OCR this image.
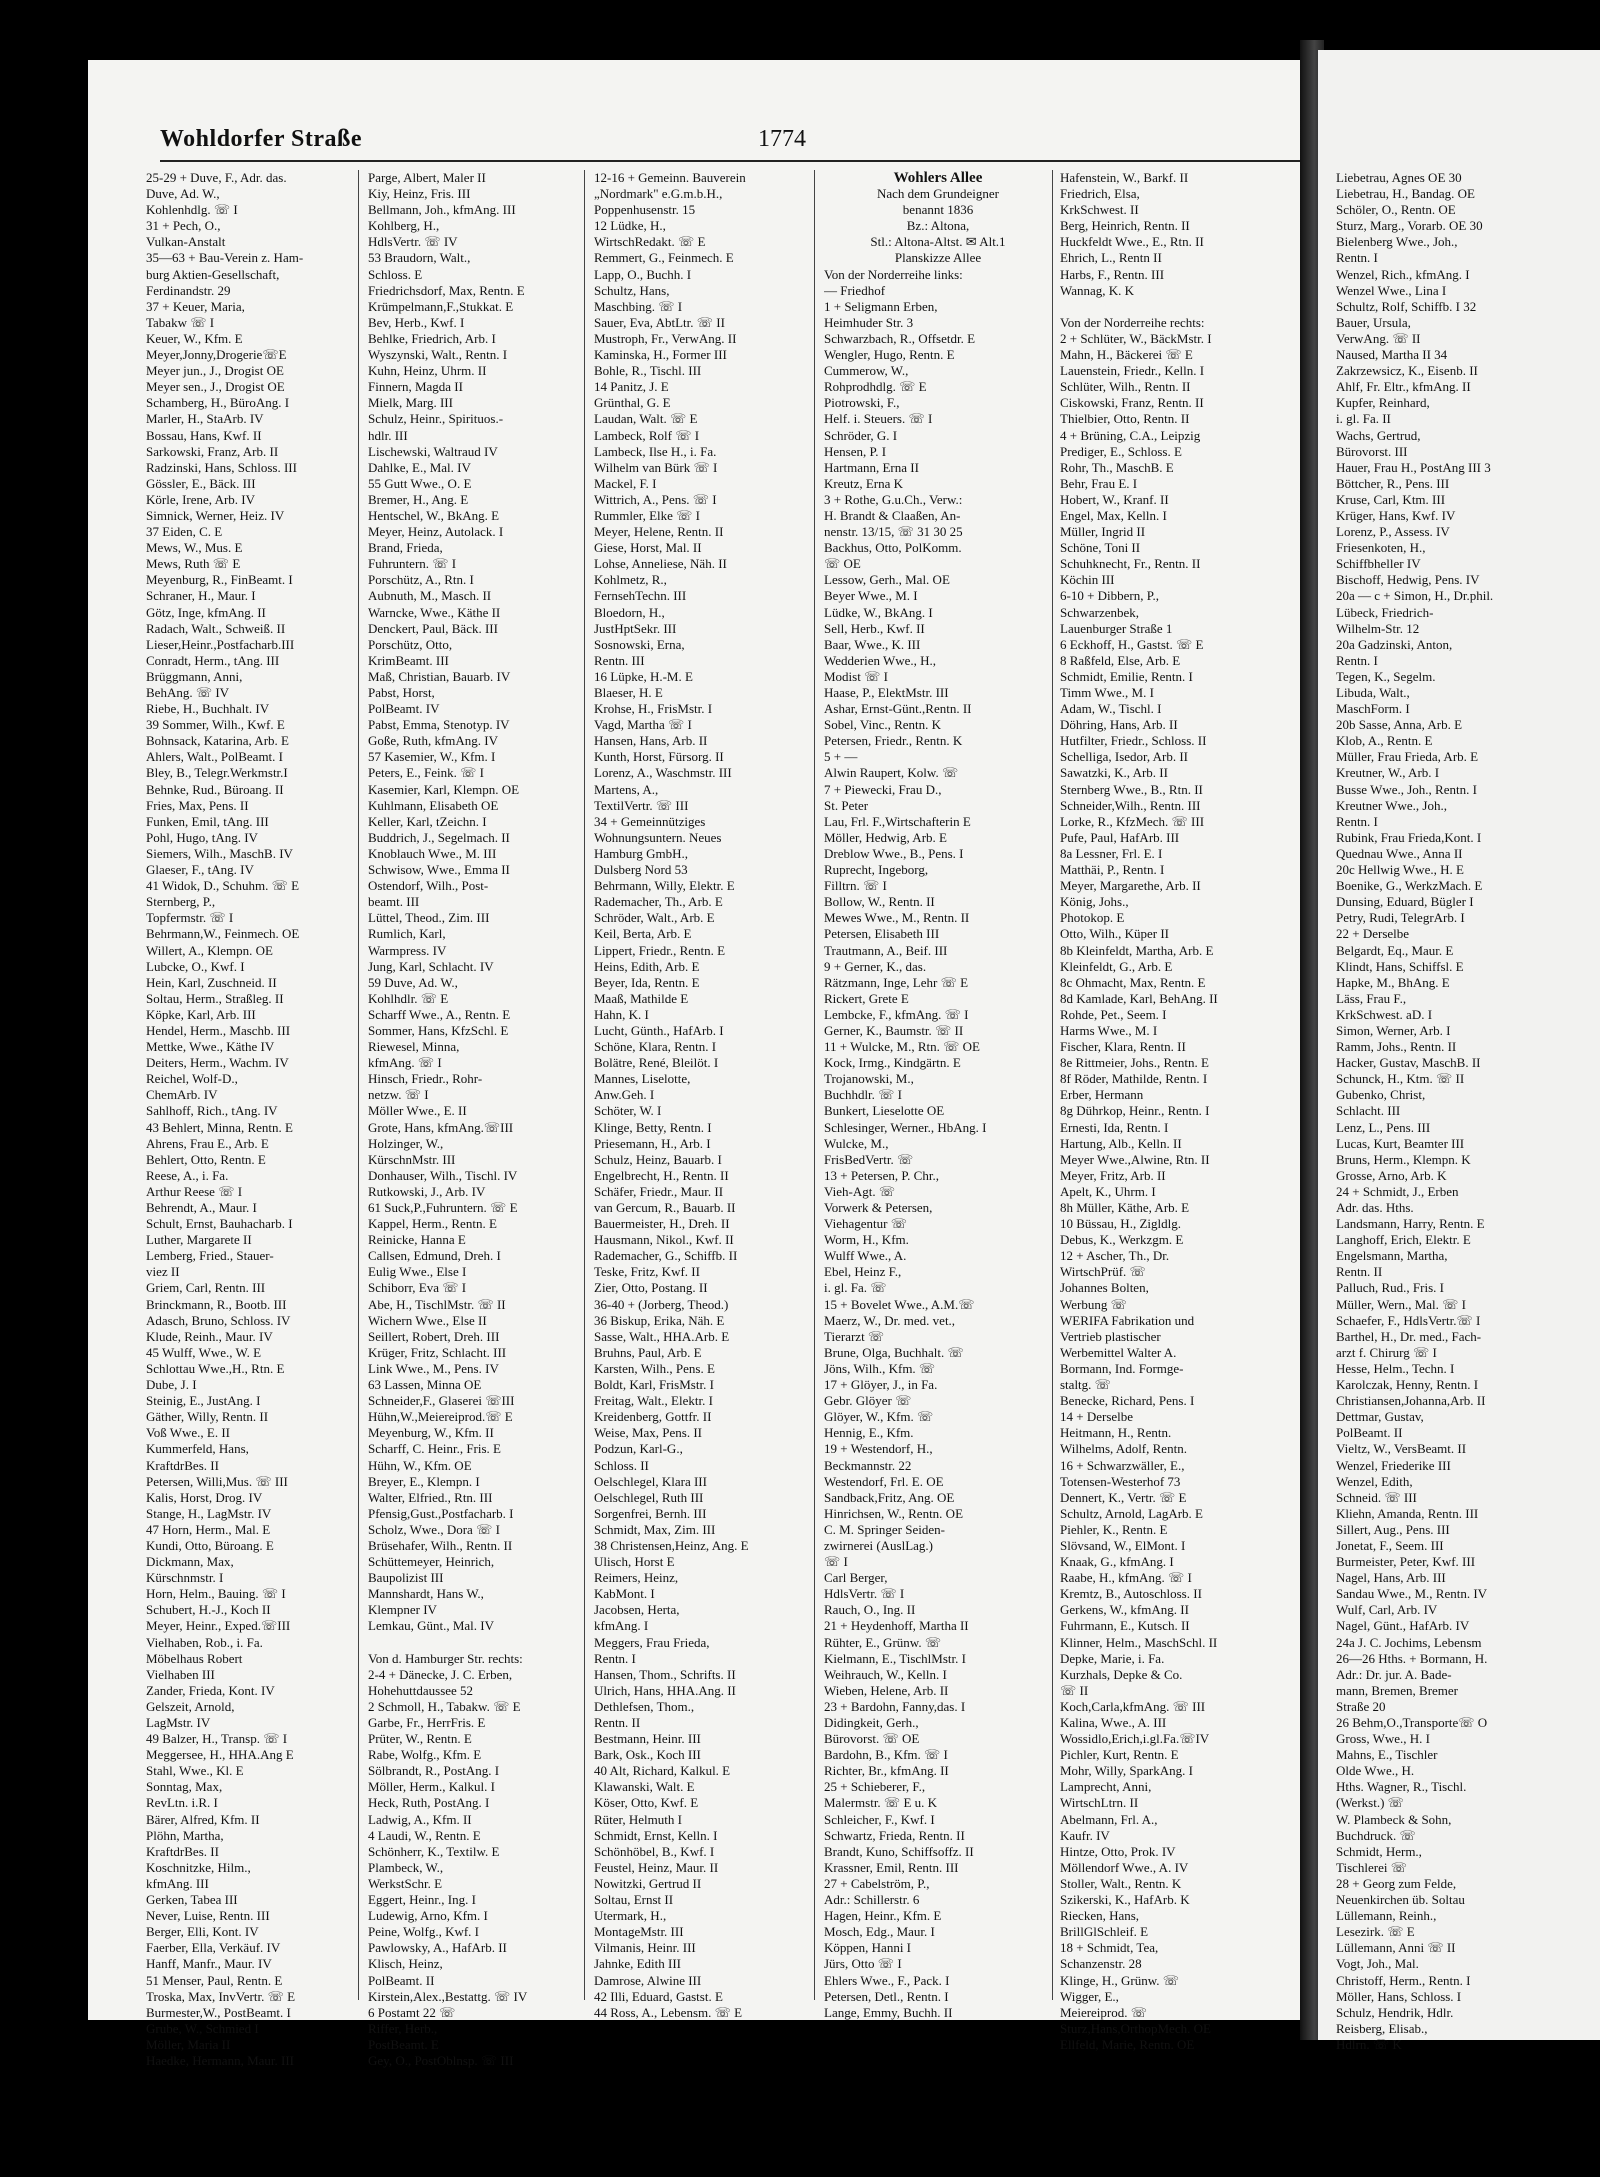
Wohldorfer Straße	1774

25-29 + Duve, F., Adr. das.

Duve, Ad. W.,

Kohlenhdlg. ☏ I

31 + Pech, O.,

Vulkan-Anstalt

35—63 + Bau-Verein z. Ham-

burg Aktien-Gesellschaft,

Ferdinandstr. 29

37 + Keuer, Maria,

Tabakw ☏ I

Keuer, W., Kfm. E

Meyer,Jonny,Drogerie☏E

Meyer jun., J., Drogist OE

Meyer sen., J., Drogist OE

Schamberg, H., BüroAng. I

Marler, H., StaArb. IV

Bossau, Hans, Kwf. II

Sarkowski, Franz, Arb. II

Radzinski, Hans, Schloss. III

Gössler, E., Bäck. III

Körle, Irene, Arb. IV

Simnick, Werner, Heiz. IV

37 Eiden, C. E

Mews, W., Mus. E

Mews, Ruth ☏ E

Meyenburg, R., FinBeamt. I

Schraner, H., Maur. I

Götz, Inge, kfmAng. II

Radach, Walt., Schweiß. II

Lieser,Heinr.,Postfacharb.III

Conradt, Herm., tAng. III

Brüggmann, Anni,

BehAng. ☏ IV

Riebe, H., Buchhalt. IV

39 Sommer, Wilh., Kwf. E

Bohnsack, Katarina, Arb. E

Ahlers, Walt., PolBeamt. I

Bley, B., Telegr.Werkmstr.I

Behnke, Rud., Büroang. II

Fries, Max, Pens. II

Funken, Emil, tAng. III

Pohl, Hugo, tAng. IV

Siemers, Wilh., MaschB. IV

Glaeser, F., tAng. IV

41 Widok, D., Schuhm. ☏ E

Sternberg, P.,

Topfermstr. ☏ I

Behrmann,W., Feinmech. OE

Willert, A., Klempn. OE

Lubcke, O., Kwf. I

Hein, Karl, Zuschneid. II

Soltau, Herm., Straßleg. II

Köpke, Karl, Arb. III

Hendel, Herm., Maschb. III

Mettke, Wwe., Käthe IV

Deiters, Herm., Wachm. IV

Reichel, Wolf-D.,

ChemArb. IV

Sahlhoff, Rich., tAng. IV

43 Behlert, Minna, Rentn. E

Ahrens, Frau E., Arb. E

Behlert, Otto, Rentn. E

Reese, A., i. Fa.

Arthur Reese ☏ I

Behrendt, A., Maur. I

Schult, Ernst, Bauhacharb. I

Luther, Margarete II

Lemberg, Fried., Stauer-

viez II

Griem, Carl, Rentn. III

Brinckmann, R., Bootb. III

Adasch, Bruno, Schloss. IV

Klude, Reinh., Maur. IV

45 Wulff, Wwe., W. E

Schlottau Wwe.,H., Rtn. E

Dube, J. I

Steinig, E., JustAng. I

Gäther, Willy, Rentn. II

Voß Wwe., E. II

Kummerfeld, Hans,

KraftdrBes. II

Petersen, Willi,Mus. ☏ III

Kalis, Horst, Drog. IV

Stange, H., LagMstr. IV

47 Horn, Herm., Mal. E

Kundi, Otto, Büroang. E

Dickmann, Max,

Kürschnmstr. I

Horn, Helm., Bauing. ☏ I

Schubert, H.-J., Koch II

Meyer, Heinr., Exped.☏III

Vielhaben, Rob., i. Fa.

Möbelhaus Robert

Vielhaben III

Zander, Frieda, Kont. IV

Gelszeit, Arnold,

LagMstr. IV

49 Balzer, H., Transp. ☏ I

Meggersee, H., HHA.Ang E

Stahl, Wwe., Kl. E

Sonntag, Max,

RevLtn. i.R. I

Bärer, Alfred, Kfm. II

Plöhn, Martha,

KraftdrBes. II

Koschnitzke, Hilm.,

kfmAng. III

Gerken, Tabea III

Never, Luise, Rentn. III

Berger, Elli, Kont. IV

Faerber, Ella, Verkäuf. IV

Hanff, Manfr., Maur. IV

51 Menser, Paul, Rentn. E

Troska, Max, InvVertr. ☏ E

Burmester,W., PostBeamt. I

Grube, W., Schmied I

Möller, Maria II

Haedke, Hermann, Maur. III

Parge, Albert, Maler II

Kiy, Heinz, Fris. III

Bellmann, Joh., kfmAng. III

Kohlberg, H.,

HdlsVertr. ☏ IV

53 Braudorn, Walt.,

Schloss. E

Friedrichsdorf, Max, Rentn. E

Krümpelmann,F.,Stukkat. E

Bev, Herb., Kwf. I

Behlke, Friedrich, Arb. I

Wyszynski, Walt., Rentn. I

Kuhn, Heinz, Uhrm. II

Finnern, Magda II

Mielk, Marg. III

Schulz, Heinr., Spirituos.-

hdlr. III

Lischewski, Waltraud IV

Dahlke, E., Mal. IV

55 Gutt Wwe., O. E

Bremer, H., Ang. E

Hentschel, W., BkAng. E

Meyer, Heinz, Autolack. I

Brand, Frieda,

Fuhruntern. ☏ I

Porschütz, A., Rtn. I

Aubnuth, M., Masch. II

Warncke, Wwe., Käthe II

Denckert, Paul, Bäck. III

Porschütz, Otto,

KrimBeamt. III

Maß, Christian, Bauarb. IV

Pabst, Horst,

PolBeamt. IV

Pabst, Emma, Stenotyp. IV

Goße, Ruth, kfmAng. IV

57 Kasemier, W., Kfm. I

Peters, E., Feink. ☏ I

Kasemier, Karl, Klempn. OE

Kuhlmann, Elisabeth OE

Keller, Karl, tZeichn. I

Buddrich, J., Segelmach. II

Knoblauch Wwe., M. III

Schwisow, Wwe., Emma II

Ostendorf, Wilh., Post-

beamt. III

Lüttel, Theod., Zim. III

Rumlich, Karl,

Warmpress. IV

Jung, Karl, Schlacht. IV

59 Duve, Ad. W.,

Kohlhdlr. ☏ E

Scharff Wwe., A., Rentn. E

Sommer, Hans, KfzSchl. E

Riewesel, Minna,

kfmAng. ☏ I

Hinsch, Friedr., Rohr-

netzw. ☏ I

Möller Wwe., E. II

Grote, Hans, kfmAng.☏III

Holzinger, W.,

KürschnMstr. III

Donhauser, Wilh., Tischl. IV

Rutkowski, J., Arb. IV

61 Suck,P.,Fuhruntern. ☏ E

Kappel, Herm., Rentn. E

Reinicke, Hanna E

Callsen, Edmund, Dreh. I

Eulig Wwe., Else I

Schiborr, Eva ☏ I

Abe, H., TischlMstr. ☏ II

Wichern Wwe., Else II

Seillert, Robert, Dreh. III

Krüger, Fritz, Schlacht. III

Link Wwe., M., Pens. IV

63 Lassen, Minna OE

Schneider,F., Glaserei ☏III

Hühn,W.,Meiereiprod.☏ E

Meyenburg, W., Kfm. II

Scharff, C. Heinr., Fris. E

Hühn, W., Kfm. OE

Breyer, E., Klempn. I

Walter, Elfried., Rtn. III

Pfensig,Gust.,Postfacharb. I

Scholz, Wwe., Dora ☏ I

Brüsehafer, Wilh., Rentn. II

Schüttemeyer, Heinrich,

Baupolizist III

Mannshardt, Hans W.,

Klempner IV

Lemkau, Günt., Mal. IV

Von d. Hamburger Str. rechts:

2-4 + Dänecke, J. C. Erben,

Hohehuttdaussee 52

2 Schmoll, H., Tabakw. ☏ E

Garbe, Fr., HerrFris. E

Prüter, W., Rentn. E

Rabe, Wolfg., Kfm. E

Sölbrandt, R., PostAng. I

Möller, Herm., Kalkul. I

Heck, Ruth, PostAng. I

Ladwig, A., Kfm. II

4 Laudi, W., Rentn. E

Schönherr, K., Textilw. E

Plambeck, W.,

WerkstSchr. E

Eggert, Heinr., Ing. I

Ludewig, Arno, Kfm. I

Peine, Wolfg., Kwf. I

Pawlowsky, A., HafArb. II

Klisch, Heinz,

PolBeamt. II

Kirstein,Alex.,Bestattg. ☏ IV

6 Postamt 22 ☏

Riffer, Herb.,

PostBeamt. E

Gey, O., PostOblnsp. ☏ III

12-16 + Gemeinn. Bauverein

„Nordmark" e.G.m.b.H.,

Poppenhusenstr. 15

12 Lüdke, H.,

WirtschRedakt. ☏ E

Remmert, G., Feinmech. E

Lapp, O., Buchh. I

Schultz, Hans,

Maschbing. ☏ I

Sauer, Eva, AbtLtr. ☏ II

Mustroph, Fr., VerwAng. II

Kaminska, H., Former III

Bohle, R., Tischl. III

14 Panitz, J. E

Grünthal, G. E

Laudan, Walt. ☏ E

Lambeck, Rolf ☏ I

Lambeck, Ilse H., i. Fa.

Wilhelm van Bürk ☏ I

Mackel, F. I

Wittrich, A., Pens. ☏ I

Rummler, Elke ☏ I

Meyer, Helene, Rentn. II

Giese, Horst, Mal. II

Lohse, Anneliese, Näh. II

Kohlmetz, R.,

FernsehTechn. III

Bloedorn, H.,

JustHptSekr. III

Sosnowski, Erna,

Rentn. III

16 Lüpke, H.-M. E

Blaeser, H. E

Krohse, H., FrisMstr. I

Vagd, Martha ☏ I

Hansen, Hans, Arb. II

Kunth, Horst, Fürsorg. II

Lorenz, A., Waschmstr. III

Martens, A.,

TextilVertr. ☏ III

34 + Gemeinnütziges

Wohnungsuntern. Neues

Hamburg GmbH.,

Dulsberg Nord 53

Behrmann, Willy, Elektr. E

Rademacher, Th., Arb. E

Schröder, Walt., Arb. E

Keil, Berta, Arb. E

Lippert, Friedr., Rentn. E

Heins, Edith, Arb. E

Beyer, Ida, Rentn. E

Maaß, Mathilde E

Hahn, K. I

Lucht, Günth., HafArb. I

Schöne, Klara, Rentn. I

Bolätre, René, Bleilöt. I

Mannes, Liselotte,

Anw.Geh. I

Schöter, W. I

Klinge, Betty, Rentn. I

Priesemann, H., Arb. I

Schulz, Heinz, Bauarb. I

Engelbrecht, H., Rentn. II

Schäfer, Friedr., Maur. II

van Gercum, R., Bauarb. II

Bauermeister, H., Dreh. II

Hausmann, Nikol., Kwf. II

Rademacher, G., Schiffb. II

Teske, Fritz, Kwf. II

Zier, Otto, Postang. II

36-40 + (Jorberg, Theod.)

36 Biskup, Erika, Näh. E

Sasse, Walt., HHA.Arb. E

Bruhns, Paul, Arb. E

Karsten, Wilh., Pens. E

Boldt, Karl, FrisMstr. I

Freitag, Walt., Elektr. I

Kreidenberg, Gottfr. II

Weise, Max, Pens. II

Podzun, Karl-G.,

Schloss. II

Oelschlegel, Klara III

Oelschlegel, Ruth III

Sorgenfrei, Bernh. III

Schmidt, Max, Zim. III

38 Christensen,Heinz, Ang. E

Ulisch, Horst E

Reimers, Heinz,

KabMont. I

Jacobsen, Herta,

kfmAng. I

Meggers, Frau Frieda,

Rentn. I

Hansen, Thom., Schrifts. II

Ulrich, Hans, HHA.Ang. II

Dethlefsen, Thom.,

Rentn. II

Bestmann, Heinr. III

Bark, Osk., Koch III

40 Alt, Richard, Kalkul. E

Klawanski, Walt. E

Köser, Otto, Kwf. E

Rüter, Helmuth I

Schmidt, Ernst, Kelln. I

Schönhöbel, B., Kwf. I

Feustel, Heinz, Maur. II

Nowitzki, Gertrud II

Soltau, Ernst II

Utermark, H.,

MontageMstr. III

Vilmanis, Heinr. III

Jahnke, Edith III

Damrose, Alwine III

42 Illi, Eduard, Gastst. E

44 Ross, A., Lebensm. ☏ E

Wohlers Allee

Nach dem Grundeigner

benannt 1836

Bz.: Altona,

Stl.: Altona-Altst. ✉ Alt.1

Planskizze Allee

Von der Norderreihe links:

— Friedhof

1 + Seligmann Erben,

Heimhuder Str. 3

Schwarzbach, R., Offsetdr. E

Wengler, Hugo, Rentn. E

Cummerow, W.,

Rohprodhdlg. ☏ E

Piotrowski, F.,

Helf. i. Steuers. ☏ I

Schröder, G. I

Hensen, P. I

Hartmann, Erna II

Kreutz, Erna K

3 + Rothe, G.u.Ch., Verw.:

H. Brandt & Claaßen, An-

nenstr. 13/15, ☏ 31 30 25

Backhus, Otto, PolKomm.

☏ OE

Lessow, Gerh., Mal. OE

Beyer Wwe., M. I

Lüdke, W., BkAng. I

Sell, Herb., Kwf. II

Baar, Wwe., K. III

Wedderien Wwe., H.,

Modist ☏ I

Haase, P., ElektMstr. III

Ashar, Ernst-Günt.,Rentn. II

Sobel, Vinc., Rentn. K

Petersen, Friedr., Rentn. K

5 + —

Alwin Raupert, Kolw. ☏

7 + Piewecki, Frau D.,

St. Peter

Lau, Frl. F.,Wirtschafterin E

Möller, Hedwig, Arb. E

Dreblow Wwe., B., Pens. I

Ruprecht, Ingeborg,

Filltrn. ☏ I

Bollow, W., Rentn. II

Mewes Wwe., M., Rentn. II

Petersen, Elisabeth III

Trautmann, A., Beif. III

9 + Gerner, K., das.

Rätzmann, Inge, Lehr ☏ E

Rickert, Grete E

Lembcke, F., kfmAng. ☏ I

Gerner, K., Baumstr. ☏ II

11 + Wulcke, M., Rtn. ☏ OE

Kock, Irmg., Kindgärtn. E

Trojanowski, M.,

Buchhdlr. ☏ I

Bunkert, Lieselotte OE

Schlesinger, Werner., HbAng. I

Wulcke, M.,

FrisBedVertr. ☏

13 + Petersen, P. Chr.,

Vieh-Agt. ☏

Vorwerk & Petersen,

Viehagentur ☏

Worm, H., Kfm.

Wulff Wwe., A.

Ebel, Heinz F.,

i. gl. Fa. ☏

15 + Bovelet Wwe., A.M.☏

Maerz, W., Dr. med. vet.,

Tierarzt ☏

Brune, Olga, Buchhalt. ☏

Jöns, Wilh., Kfm. ☏

17 + Glöyer, J., in Fa.

Gebr. Glöyer ☏

Glöyer, W., Kfm. ☏

Hennig, E., Kfm.

19 + Westendorf, H.,

Beckmannstr. 22

Westendorf, Frl. E. OE

Sandback,Fritz, Ang. OE

Hinrichsen, W., Rentn. OE

C. M. Springer Seiden-

zwirnerei (AuslLag.)

☏ I

Carl Berger,

HdlsVertr. ☏ I

Rauch, O., Ing. II

21 + Heydenhoff, Martha II

Rühter, E., Grünw. ☏

Kielmann, E., TischlMstr. I

Weihrauch, W., Kelln. I

Wieben, Helene, Arb. II

23 + Bardohn, Fanny,das. I

Didingkeit, Gerh.,

Bürovorst. ☏ OE

Bardohn, B., Kfm. ☏ I

Richter, Br., kfmAng. II

25 + Schieberer, F.,

Malermstr. ☏ E u. K

Schleicher, F., Kwf. I

Schwartz, Frieda, Rentn. II

Brandt, Kuno, Schiffsoffz. II

Krassner, Emil, Rentn. III

27 + Cabelström, P.,

Adr.: Schillerstr. 6

Hagen, Heinr., Kfm. E

Mosch, Edg., Maur. I

Köppen, Hanni I

Jürs, Otto ☏ I

Ehlers Wwe., F., Pack. I

Petersen, Detl., Rentn. I

Lange, Emmy, Buchh. II

Hafenstein, W., Barkf. II

Friedrich, Elsa,

KrkSchwest. II

Berg, Heinrich, Rentn. II

Huckfeldt Wwe., E., Rtn. II

Ehrich, L., Rentn II

Harbs, F., Rentn. III

Wannag, K. K

Von der Norderreihe rechts:

2 + Schlüter, W., BäckMstr. I

Mahn, H., Bäckerei ☏ E

Lauenstein, Friedr., Kelln. I

Schlüter, Wilh., Rentn. II

Ciskowski, Franz, Rentn. II

Thielbier, Otto, Rentn. II

4 + Brüning, C.A., Leipzig

Prediger, E., Schloss. E

Rohr, Th., MaschB. E

Behr, Frau E. I

Hobert, W., Kranf. II

Engel, Max, Kelln. I

Müller, Ingrid II

Schöne, Toni II

Schuhknecht, Fr., Rentn. II

Köchin III

6-10 + Dibbern, P.,

Schwarzenbek,

Lauenburger Straße 1

6 Eckhoff, H., Gastst. ☏ E

8 Raßfeld, Else, Arb. E

Schmidt, Emilie, Rentn. I

Timm Wwe., M. I

Adam, W., Tischl. I

Döhring, Hans, Arb. II

Hutfilter, Friedr., Schloss. II

Schelliga, Isedor, Arb. II

Sawatzki, K., Arb. II

Sternberg Wwe., B., Rtn. II

Schneider,Wilh., Rentn. III

Lorke, R., KfzMech. ☏ III

Pufe, Paul, HafArb. III

8a Lessner, Frl. E. I

Matthäi, P., Rentn. I

Meyer, Margarethe, Arb. II

König, Johs.,

Photokop. E

Otto, Wilh., Küper II

8b Kleinfeldt, Martha, Arb. E

Kleinfeldt, G., Arb. E

8c Ohmacht, Max, Rentn. E

8d Kamlade, Karl, BehAng. II

Rohde, Pet., Seem. I

Harms Wwe., M. I

Fischer, Klara, Rentn. II

8e Rittmeier, Johs., Rentn. E

8f Röder, Mathilde, Rentn. I

Erber, Hermann

8g Dührkop, Heinr., Rentn. I

Ernesti, Ida, Rentn. I

Hartung, Alb., Kelln. II

Meyer Wwe.,Alwine, Rtn. II

Meyer, Fritz, Arb. II

Apelt, K., Uhrm. I

8h Müller, Käthe, Arb. E

10 Büssau, H., Zigldlg.

Debus, K., Werkzgm. E

12 + Ascher, Th., Dr.

WirtschPrüf. ☏

Johannes Bolten,

Werbung ☏

WERIFA Fabrikation und

Vertrieb plastischer

Werbemittel Walter A.

Bormann, Ind. Formge-

staltg. ☏

Benecke, Richard, Pens. I

14 + Derselbe

Heitmann, H., Rentn.

Wilhelms, Adolf, Rentn.

16 + Schwarzwäller, E.,

Totensen-Westerhof 73

Dennert, K., Vertr. ☏ E

Schultz, Arnold, LagArb. E

Piehler, K., Rentn. E

Slövsand, W., ElMont. I

Knaak, G., kfmAng. I

Raabe, H., kfmAng. ☏ I

Kremtz, B., Autoschloss. II

Gerkens, W., kfmAng. II

Fuhrmann, E., Kutsch. II

Klinner, Helm., MaschSchl. II

Depke, Marie, i. Fa.

Kurzhals, Depke & Co.

☏ II

Koch,Carla,kfmAng. ☏ III

Kalina, Wwe., A. III

Wossidlo,Erich,i.gl.Fa.☏IV

Pichler, Kurt, Rentn. E

Mohr, Willy, SparkAng. I

Lamprecht, Anni,

WirtschLtrn. II

Abelmann, Frl. A.,

Kaufr. IV

Hintze, Otto, Prok. IV

Möllendorf Wwe., A. IV

Stoller, Walt., Rentn. K

Szikerski, K., HafArb. K

Riecken, Hans,

BrillGlSchleif. E

18 + Schmidt, Tea,

Schanzenstr. 28

Klinge, H., Grünw. ☏

Wigger, E.,

Meiereiprod. ☏

Sturz,Hans,OrthopMech. OE

Ellfeld, Marie, Rentn. OE

Liebetrau, Agnes OE 30

Liebetrau, H., Bandag. OE

Schöler, O., Rentn. OE

Sturz, Marg., Vorarb. OE 30

Bielenberg Wwe., Joh.,

Rentn. I

Wenzel, Rich., kfmAng. I

Wenzel Wwe., Lina I

Schultz, Rolf, Schiffb. I 32

Bauer, Ursula,

VerwAng. ☏ II

Naused, Martha II 34

Zakrzewsicz, K., Eisenb. II

Ahlf, Fr. Eltr., kfmAng. II

Kupfer, Reinhard,

i. gl. Fa. II

Wachs, Gertrud,

Bürovorst. III

Hauer, Frau H., PostAng III 3

Böttcher, R., Pens. III

Kruse, Carl, Ktm. III

Krüger, Hans, Kwf. IV

Lorenz, P., Assess. IV

Friesenkoten, H.,

Schiffbheller IV

Bischoff, Hedwig, Pens. IV

20a — c + Simon, H., Dr.phil.

Lübeck, Friedrich-

Wilhelm-Str. 12

20a Gadzinski, Anton,

Rentn. I

Tegen, K., Segelm.

Libuda, Walt.,

MaschForm. I

20b Sasse, Anna, Arb. E

Klob, A., Rentn. E

Müller, Frau Frieda, Arb. E

Kreutner, W., Arb. I

Busse Wwe., Joh., Rentn. I

Kreutner Wwe., Joh.,

Rentn. I

Rubink, Frau Frieda,Kont. I

Quednau Wwe., Anna II

20c Hellwig Wwe., H. E

Boenike, G., WerkzMach. E

Dunsing, Eduard, Bügler I

Petry, Rudi, TelegrArb. I

22 + Derselbe

Belgardt, Eq., Maur. E

Klindt, Hans, Schiffsl. E

Hapke, M., BhAng. E

Läss, Frau F.,

KrkSchwest. aD. I

Simon, Werner, Arb. I

Ramm, Johs., Rentn. II

Hacker, Gustav, MaschB. II

Schunck, H., Ktm. ☏ II

Gubenko, Christ,

Schlacht. III

Lenz, L., Pens. III

Lucas, Kurt, Beamter III

Bruns, Herm., Klempn. K

Grosse, Arno, Arb. K

24 + Schmidt, J., Erben

Adr. das. Hths.

Landsmann, Harry, Rentn. E

Langhoff, Erich, Elektr. E

Engelsmann, Martha,

Rentn. II

Palluch, Rud., Fris. I

Müller, Wern., Mal. ☏ I

Schaefer, F., HdlsVertr.☏ I

Barthel, H., Dr. med., Fach-

arzt f. Chirurg ☏ I

Hesse, Helm., Techn. I

Karolczak, Henny, Rentn. I

Christiansen,Johanna,Arb. II

Dettmar, Gustav,

PolBeamt. II

Vieltz, W., VersBeamt. II

Wenzel, Friederike III

Wenzel, Edith,

Schneid. ☏ III

Kliehn, Amanda, Rentn. III

Sillert, Aug., Pens. III

Jonetat, F., Seem. III

Burmeister, Peter, Kwf. III

Nagel, Hans, Arb. III

Sandau Wwe., M., Rentn. IV

Wulf, Carl, Arb. IV

Nagel, Günt., HafArb. IV

24a J. C. Jochims, Lebensm

26—26 Hths. + Bormann, H.

Adr.: Dr. jur. A. Bade-

mann, Bremen, Bremer

Straße 20

26 Behm,O.,Transporte☏ O

Gross, Wwe., H. I

Mahns, E., Tischler

Olde Wwe., H.

Hths. Wagner, R., Tischl.

(Werkst.) ☏

W. Plambeck & Sohn,

Buchdruck. ☏

Schmidt, Herm.,

Tischlerei ☏

28 + Georg zum Felde,

Neuenkirchen üb. Soltau

Lüllemann, Reinh.,

Lesezirk. ☏ E

Lüllemann, Anni ☏ II

Vogt, Joh., Mal.

Christoff, Herm., Rentn. I

Möller, Hans, Schloss. I

Schulz, Hendrik, Hdlr.

Reisberg, Elisab.,

Hdlrn. ☏ K
